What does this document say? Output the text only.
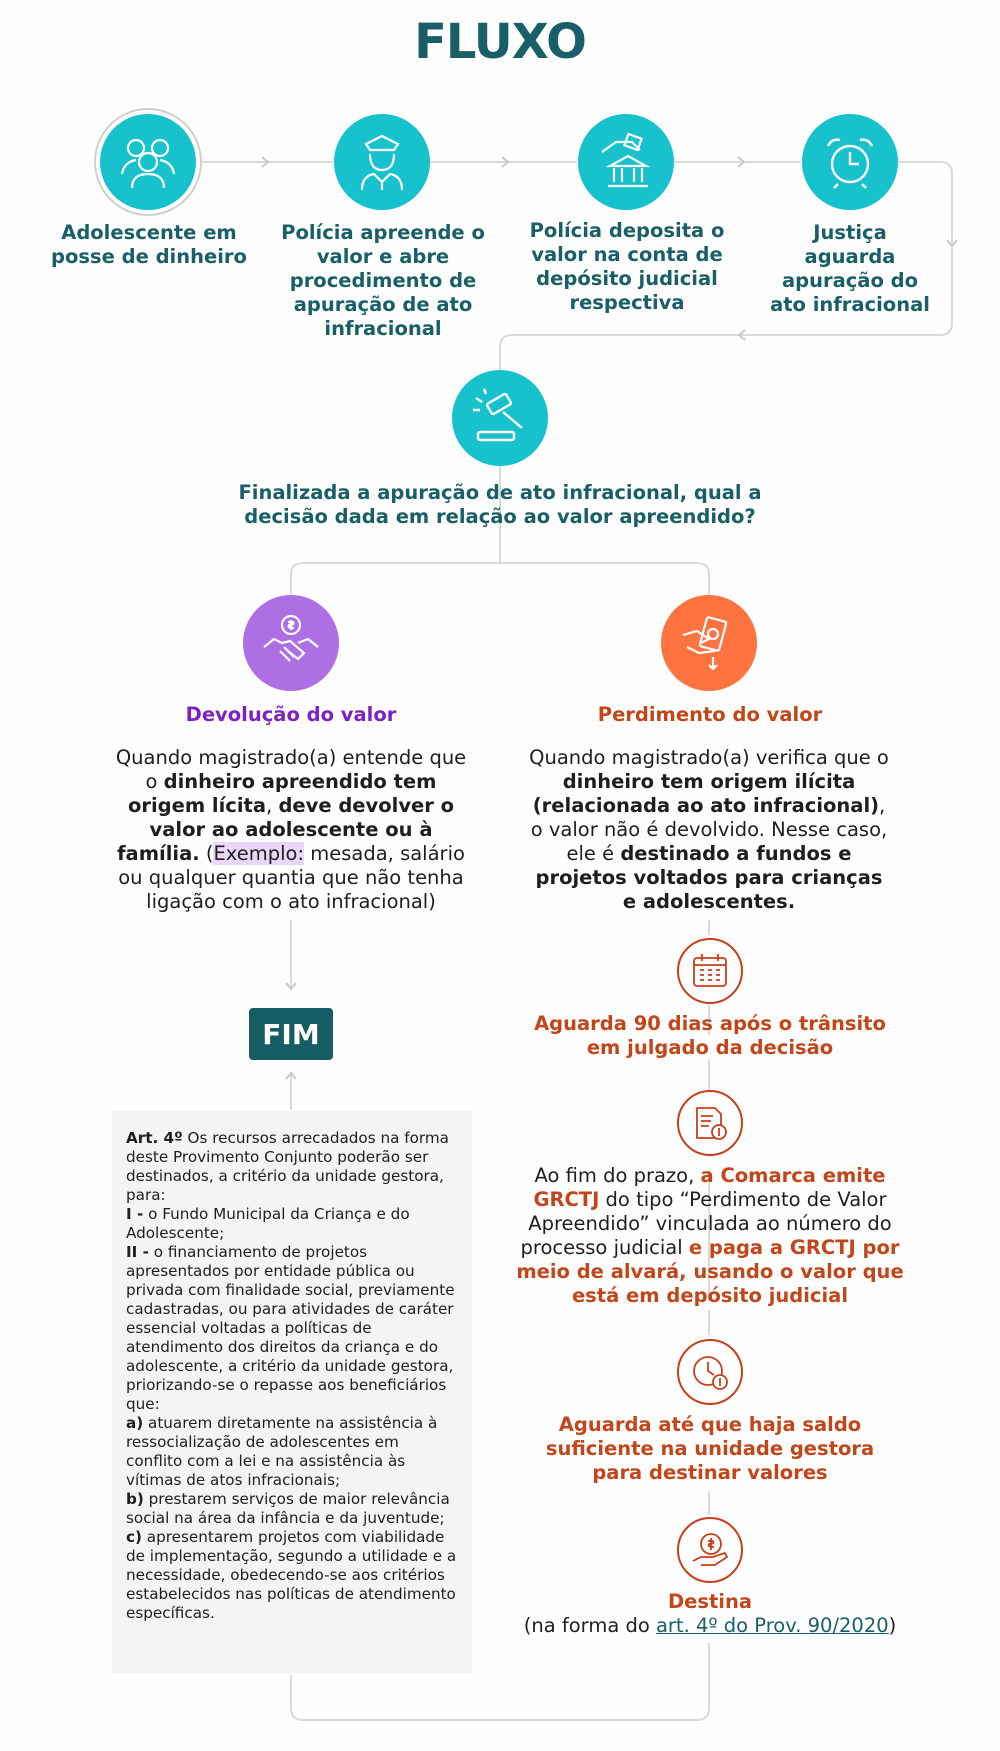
FLUXO
Adolescente em posse de dinheiro
Polícia apreende o valor e abre procedimento de apuração de ato infracional
Polícia deposita o valor na conta de depósito judicial respectiva
Justiça aguarda apuração do ato infracional
Finalizada a apuração de ato infracional, qual a decisão dada em relação ao valor apreendido?
Devolução do valor
Quando magistrado(a) entende que o dinheiro apreendido tem origem lícita, deve devolver o valor ao adolescente ou à família. (Exemplo: mesada, salário ou qualquer quantia que não tenha ligação com o ato infracional)
FIM

Art. 4º Os recursos arrecadados na forma deste Provimento Conjunto poderão ser destinados, a critério da unidade gestora, para:

I - o Fundo Municipal da Criança e do Adolescente;

II - o financiamento de projetos apresentados por entidade pública ou privada com finalidade social, previamente cadastradas, ou para atividades de caráter essencial voltadas a políticas de atendimento dos direitos da criança e do adolescente, a critério da unidade gestora, priorizando-se o repasse aos beneficiários que:

a) atuarem diretamente na assistência à ressocialização de adolescentes em conflito com a lei e na assistência às vítimas de atos infracionais;

b) prestarem serviços de maior relevância social na área da infância e da juventude;

c) apresentarem projetos com viabilidade de implementação, segundo a utilidade e a necessidade, obedecendo-se aos critérios estabelecidos nas políticas de atendimento específicas.

Perdimento do valor
Quando magistrado(a) verifica que o dinheiro tem origem ilícita (relacionada ao ato infracional), o valor não é devolvido. Nesse caso, ele é destinado a fundos e projetos voltados para crianças e adolescentes.
Aguarda 90 dias após o trânsito em julgado da decisão
Ao fim do prazo, a Comarca emite GRCTJ do tipo “Perdimento de Valor Apreendido” vinculada ao número do processo judicial e paga a GRCTJ por meio de alvará, usando o valor que está em depósito judicial
Aguarda até que haja saldo suficiente na unidade gestora para destinar valores
Destina
(na forma do art. 4º do Prov. 90/2020)
